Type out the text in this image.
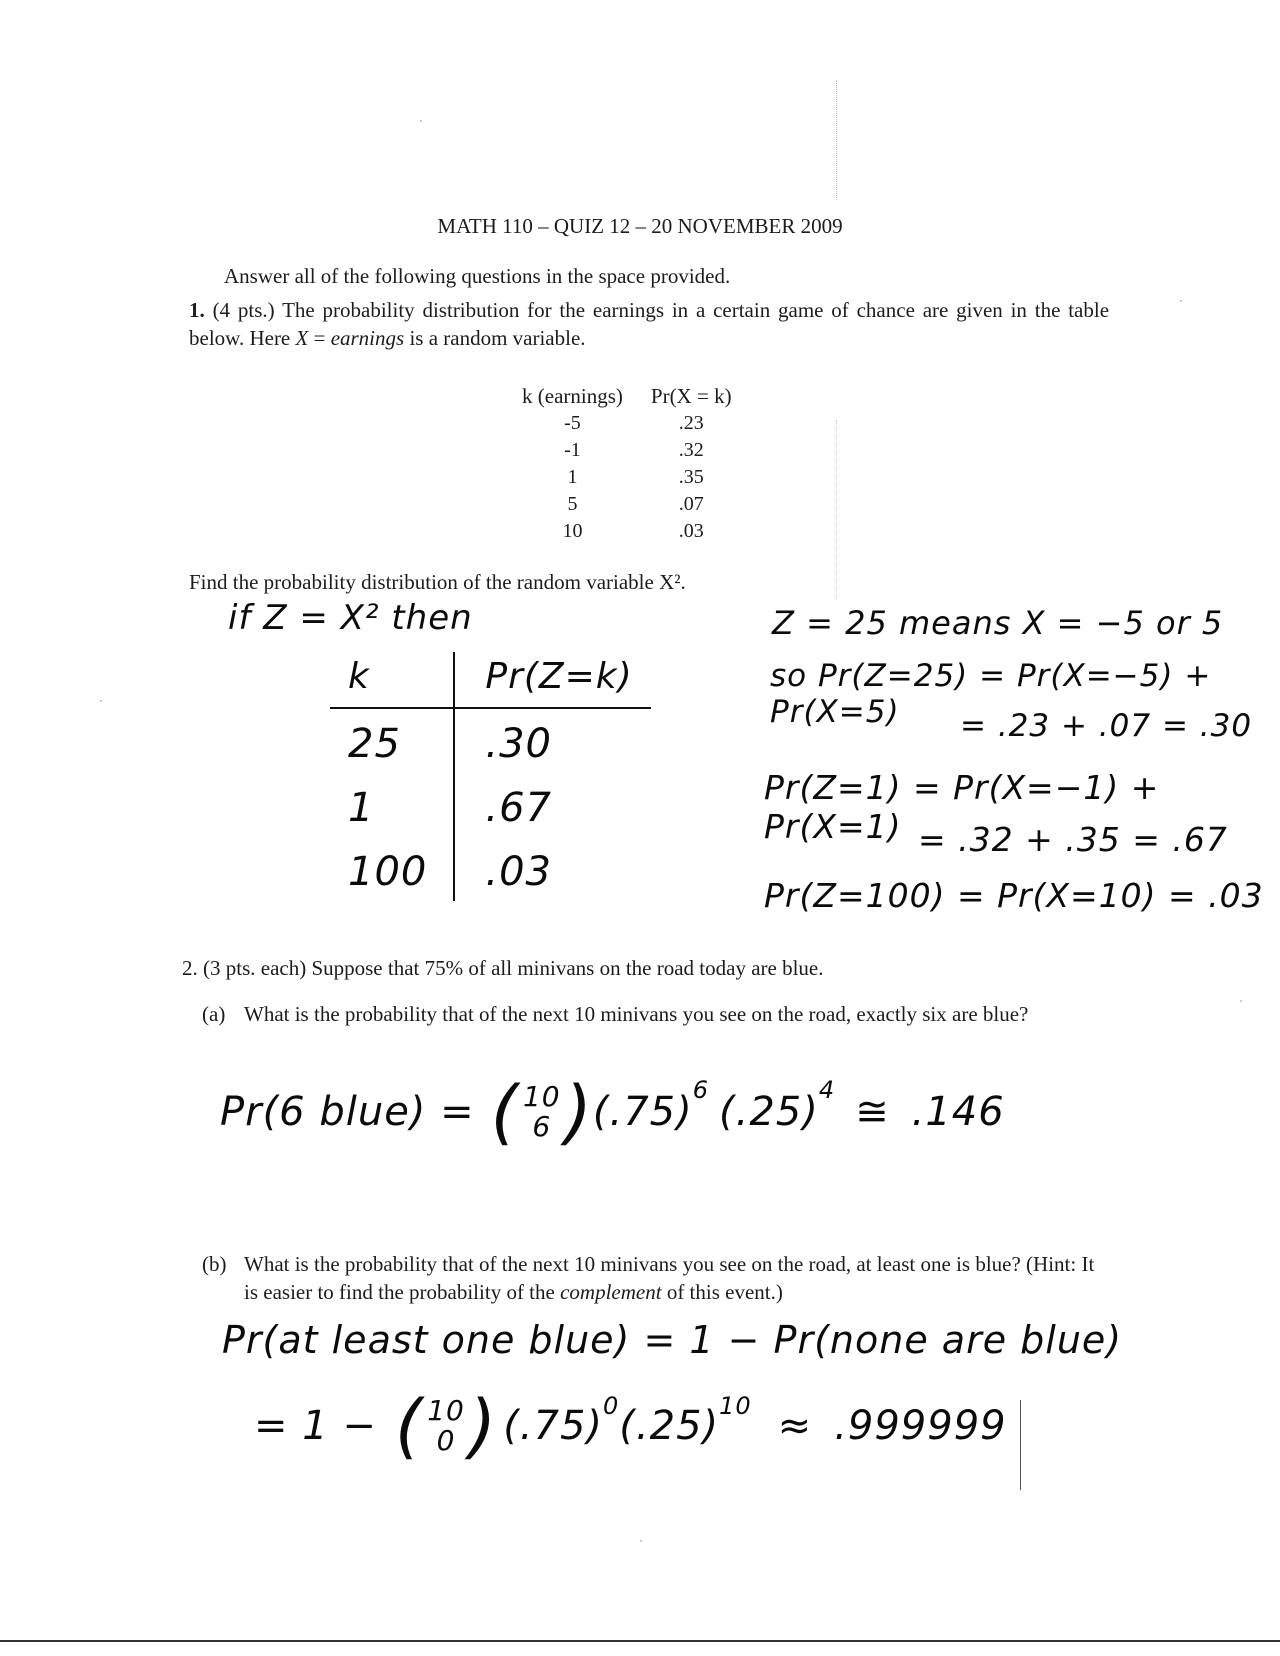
MATH 110 – QUIZ 12 – 20 NOVEMBER 2009
Answer all of the following questions in the space provided.
1. (4 pts.) The probability distribution for the earnings in a certain game of chance are given in the table below. Here X = earnings is a random variable.
k (earnings)	Pr(X = k)
-5	.23
-1	.32
1	.35
5	.07
10	.03
Find the probability distribution of the random variable X².
if Z = X² then
k	Pr(Z=k)
25	.30
1	.67
100	.03
Z = 25 means X = −5 or 5
so Pr(Z=25) = Pr(X=−5) + Pr(X=5)	= .23 + .07 = .30
Pr(Z=1) = Pr(X=−1) + Pr(X=1) = .32 + .35 = .67
Pr(Z=100) = Pr(X=10) = .03
2. (3 pts. each) Suppose that 75% of all minivans on the road today are blue.
(a) What is the probability that of the next 10 minivans you see on the road, exactly six are blue?
Pr(6 blue) = ( 10
6 ) $(.75)^6$ $(.25)^4$ ≅ .146
(b) What is the probability that of the next 10 minivans you see on the road, at least one is blue? (Hint: It is easier to find the probability of the complement of this event.)
Pr(at least one blue) = 1 − Pr(none are blue)
= 1 − ( 10
0 ) $(.75)^0$ $(.25)^{10} \approx .999999$
